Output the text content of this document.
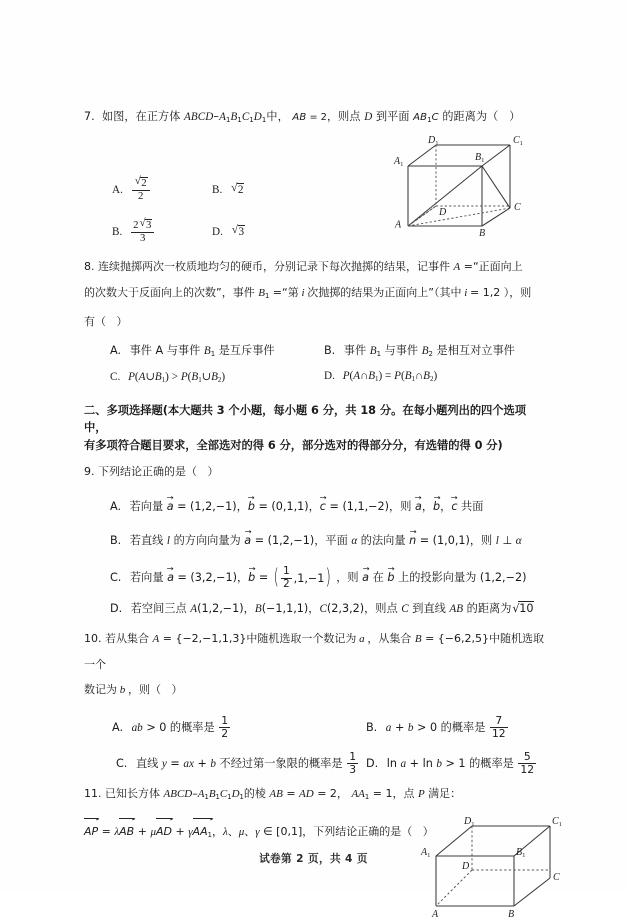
7.  如图，在正方体 ABCD–$A_1B_1C_1D_1$中， AB = 2，则点 D 到平面 $AB_1C$ 的距离为（   ）
A. √ $\frac{2}{2}$	B. √ 2
B. $\frac{2 √ 3}{3}$	D. √ 3
A
B
C
D
$A_1$
$B_1$
$C_1$
$D_1$
8. 连续抛掷两次一枚质地均匀的硬币，分别记录下每次抛掷的结果，记事件 A =“正面向上
的次数大于反面向上的次数”，事件 $B_1$ =“第 i 次抛掷的结果为正面向上”（其中 i = 1,2 ），则
有（   ）
A. 事件 A 与事件 $B_1$ 是互斥事件	B. 事件 $B_1$ 与事件 $B_2$ 是相互对立事件
C. $P(A\cup B_1)$ > $P(B_1\cup B_2)$	D. $P(A\cap B_1)$ = $P(B_1\cap B_2)$
二、多项选择题(本大题共 3 个小题，每小题 6 分，共 18 分。在每小题列出的四个选项中，
有多项符合题目要求，全部选对的得 6 分，部分选对的得部分分，有选错的得 0 分)
9. 下列结论正确的是（   ）
A. 若向量 a → = (1,2,−1)，b → = (0,1,1)，c → = (1,1,−2)，则 a →，b →，c → 共面
B. 若直线 l 的方向向量为 a → = (1,2,−1)，平面 α 的法向量 n → = (1,0,1)，则 l ⊥ α
C. 若向量 a → = (3,2,−1)，b → = ( $\frac{1}{2} ,1,-1$ ) ，则 a → 在 b → 上的投影向量为 (1,2,−2)
D. 若空间三点 A(1,2,−1)，B(−1,1,1)，C(2,3,2)，则点 C 到直线 AB 的距离为 √ 10
10. 若从集合 A = {−2,−1,1,3}中随机选取一个数记为 a ，从集合 B = {−6,2,5}中随机选取一个
数记为 b ，则（   ）
A. ab > 0 的概率是 $\frac{1}{2}$	B. a + b > 0 的概率是 $\frac{7}{12}$
C. 直线 y = ax + b 不经过第一象限的概率是 $\frac{1}{3} D$. ln a + ln b > 1 的概率是 $\frac{5}{12}$
11. 已知长方体 ABCD–$A_1B_1C_1D_1$的棱 AB = AD = 2， $AA_1 = 1$，点 P 满足：
AP = λAB + μAD + γAA$_1$，λ、μ、γ ∈ [0,1]，下列结论正确的是（   ）
A	B
C
D
$A_1$	$B_1$
$C_1$
$D_1$
试卷第 2 页，共 4 页
